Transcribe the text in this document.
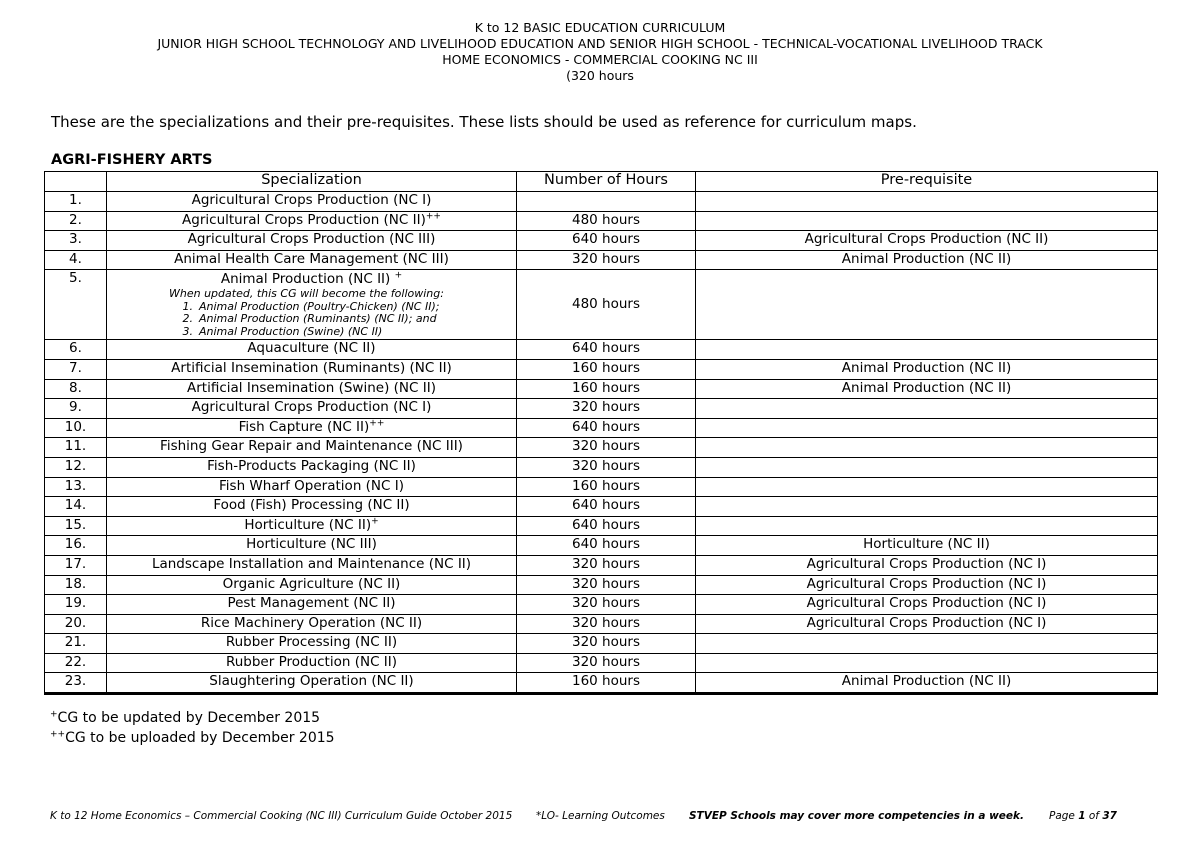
K to 12 BASIC EDUCATION CURRICULUM
JUNIOR HIGH SCHOOL TECHNOLOGY AND LIVELIHOOD EDUCATION AND SENIOR HIGH SCHOOL - TECHNICAL-VOCATIONAL LIVELIHOOD TRACK
HOME ECONOMICS - COMMERCIAL COOKING NC III
(320 hours
These are the specializations and their pre-requisites. These lists should be used as reference for curriculum maps.
AGRI-FISHERY ARTS
	Specialization	Number of Hours	Pre-requisite
1.	Agricultural Crops Production (NC I)		
2.	Agricultural Crops Production (NC II)++	480 hours	
3.	Agricultural Crops Production (NC III)	640 hours	Agricultural Crops Production (NC II)
4.	Animal Health Care Management (NC III)	320 hours	Animal Production (NC II)
5.	Animal Production (NC II) +
When updated, this CG will become the following:
1. Animal Production (Poultry-Chicken) (NC II);
2. Animal Production (Ruminants) (NC II); and
3. Animal Production (Swine) (NC II)	480 hours	
6.	Aquaculture (NC II)	640 hours	
7.	Artificial Insemination (Ruminants) (NC II)	160 hours	Animal Production (NC II)
8.	Artificial Insemination (Swine) (NC II)	160 hours	Animal Production (NC II)
9.	Agricultural Crops Production (NC I)	320 hours	
10.	Fish Capture (NC II)++	640 hours	
11.	Fishing Gear Repair and Maintenance (NC III)	320 hours	
12.	Fish-Products Packaging (NC II)	320 hours	
13.	Fish Wharf Operation (NC I)	160 hours	
14.	Food (Fish) Processing (NC II)	640 hours	
15.	Horticulture (NC II)+	640 hours	
16.	Horticulture (NC III)	640 hours	Horticulture (NC II)
17.	Landscape Installation and Maintenance (NC II)	320 hours	Agricultural Crops Production (NC I)
18.	Organic Agriculture (NC II)	320 hours	Agricultural Crops Production (NC I)
19.	Pest Management (NC II)	320 hours	Agricultural Crops Production (NC I)
20.	Rice Machinery Operation (NC II)	320 hours	Agricultural Crops Production (NC I)
21.	Rubber Processing (NC II)	320 hours	
22.	Rubber Production (NC II)	320 hours	
23.	Slaughtering Operation (NC II)	160 hours	Animal Production (NC II)
+CG to be updated by December 2015
++CG to be uploaded by December 2015
K to 12 Home Economics – Commercial Cooking (NC III) Curriculum Guide October 2015 *LO- Learning Outcomes STVEP Schools may cover more competencies in a week. Page 1 of 37
